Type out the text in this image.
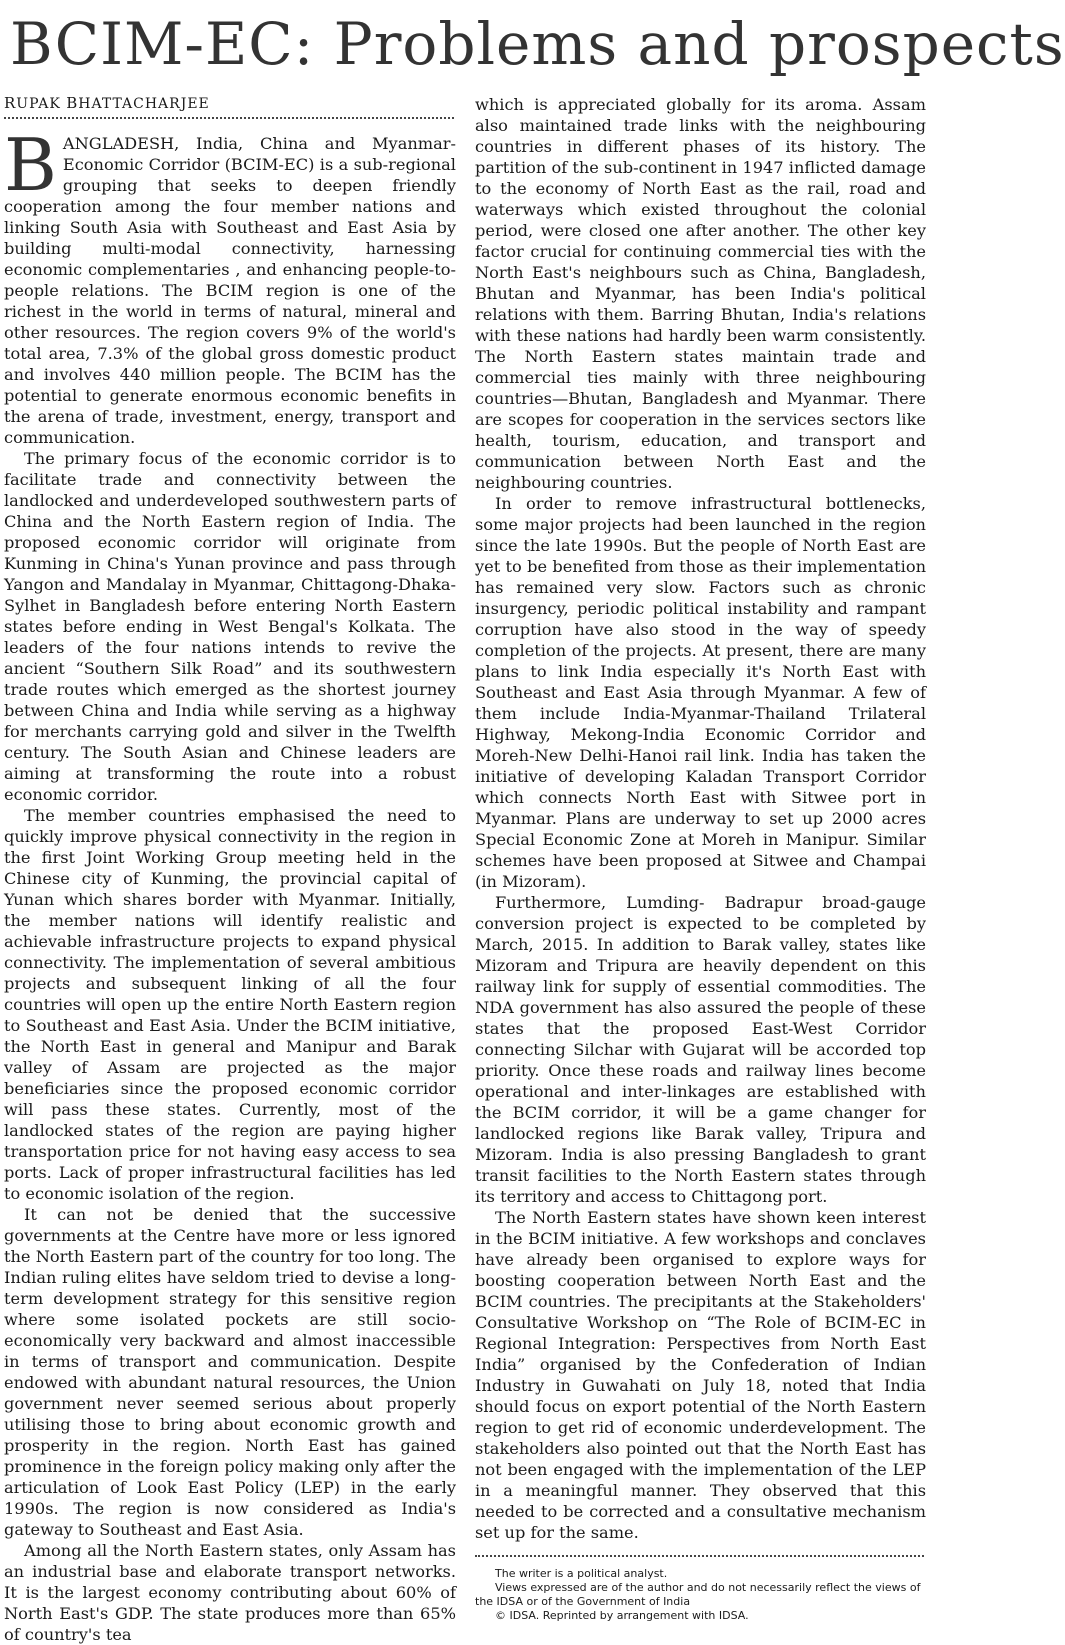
BCIM-EC: Problems and prospects
RUPAK BHATTACHARJEE

BANGLADESH, India, China and Myanmar-Economic Corridor (BCIM-EC) is a sub-regional grouping that seeks to deepen friendly cooperation among the four member nations and linking South Asia with Southeast and East Asia by building multi-modal connectivity, harnessing economic complementaries , and enhancing people-to-people relations. The BCIM region is one of the richest in the world in terms of natural, mineral and other resources. The region covers 9% of the world's total area, 7.3% of the global gross domestic product and involves 440 million people. The BCIM has the potential to generate enormous economic benefits in the arena of trade, investment, energy, transport and communication.

The primary focus of the economic corridor is to facilitate trade and connectivity between the landlocked and underdeveloped southwestern parts of China and the North Eastern region of India. The proposed economic corridor will originate from Kunming in China's Yunan province and pass through Yangon and Mandalay in Myanmar, Chittagong-Dhaka-Sylhet in Bangladesh before entering North Eastern states before ending in West Bengal's Kolkata. The leaders of the four nations intends to revive the ancient “Southern Silk Road” and its southwestern trade routes which emerged as the shortest journey between China and India while serving as a highway for merchants carrying gold and silver in the Twelfth century. The South Asian and Chinese leaders are aiming at transforming the route into a robust economic corridor.

The member countries emphasised the need to quickly improve physical connectivity in the region in the first Joint Working Group meeting held in the Chinese city of Kunming, the provincial capital of Yunan which shares border with Myanmar. Initially, the member nations will identify realistic and achievable infrastructure projects to expand physical connectivity. The implementation of several ambitious projects and subsequent linking of all the four countries will open up the entire North Eastern region to Southeast and East Asia. Under the BCIM initiative, the North East in general and Manipur and Barak valley of Assam are projected as the major beneficiaries since the proposed economic corridor will pass these states. Currently, most of the landlocked states of the region are paying higher transportation price for not having easy access to sea ports. Lack of proper infrastructural facilities has led to economic isolation of the region.

It can not be denied that the successive governments at the Centre have more or less ignored the North Eastern part of the country for too long. The Indian ruling elites have seldom tried to devise a long-term development strategy for this sensitive region where some isolated pockets are still socio-economically very backward and almost inaccessible in terms of transport and communication. Despite endowed with abundant natural resources, the Union government never seemed serious about properly utilising those to bring about economic growth and prosperity in the region. North East has gained prominence in the foreign policy making only after the articulation of Look East Policy (LEP) in the early 1990s. The region is now considered as India's gateway to Southeast and East Asia.

Among all the North Eastern states, only Assam has an industrial base and elaborate transport networks. It is the largest economy contributing about 60% of North East's GDP. The state produces more than 65% of country's tea

which is appreciated globally for its aroma. Assam also maintained trade links with the neighbouring countries in different phases of its history. The partition of the sub-continent in 1947 inflicted damage to the economy of North East as the rail, road and waterways which existed throughout the colonial period, were closed one after another. The other key factor crucial for continuing commercial ties with the North East's neighbours such as China, Bangladesh, Bhutan and Myanmar, has been India's political relations with them. Barring Bhutan, India's relations with these nations had hardly been warm consistently. The North Eastern states maintain trade and commercial ties mainly with three neighbouring countries—Bhutan, Bangladesh and Myanmar. There are scopes for cooperation in the services sectors like health, tourism, education, and transport and communication between North East and the neighbouring countries.

In order to remove infrastructural bottlenecks, some major projects had been launched in the region since the late 1990s. But the people of North East are yet to be benefited from those as their implementation has remained very slow. Factors such as chronic insurgency, periodic political instability and rampant corruption have also stood in the way of speedy completion of the projects. At present, there are many plans to link India especially it's North East with Southeast and East Asia through Myanmar. A few of them include India-Myanmar-Thailand Trilateral Highway, Mekong-India Economic Corridor and Moreh-New Delhi-Hanoi rail link. India has taken the initiative of developing Kaladan Transport Corridor which connects North East with Sitwee port in Myanmar. Plans are underway to set up 2000 acres Special Economic Zone at Moreh in Manipur. Similar schemes have been proposed at Sitwee and Champai (in Mizoram).

Furthermore, Lumding- Badrapur broad-gauge conversion project is expected to be completed by March, 2015. In addition to Barak valley, states like Mizoram and Tripura are heavily dependent on this railway link for supply of essential commodities. The NDA government has also assured the people of these states that the proposed East-West Corridor connecting Silchar with Gujarat will be accorded top priority. Once these roads and railway lines become operational and inter-linkages are established with the BCIM corridor, it will be a game changer for landlocked regions like Barak valley, Tripura and Mizoram. India is also pressing Bangladesh to grant transit facilities to the North Eastern states through its territory and access to Chittagong port.

The North Eastern states have shown keen interest in the BCIM initiative. A few workshops and conclaves have already been organised to explore ways for boosting cooperation between North East and the BCIM countries. The precipitants at the Stakeholders' Consultative Workshop on “The Role of BCIM-EC in Regional Integration: Perspectives from North East India” organised by the Confederation of Indian Industry in Guwahati on July 18, noted that India should focus on export potential of the North Eastern region to get rid of economic underdevelopment. The stakeholders also pointed out that the North East has not been engaged with the implementation of the LEP in a meaningful manner. They observed that this needed to be corrected and a consultative mechanism set up for the same.

The writer is a political analyst.

Views expressed are of the author and do not necessarily reflect the views of the IDSA or of the Government of India

© IDSA. Reprinted by arrangement with IDSA.
